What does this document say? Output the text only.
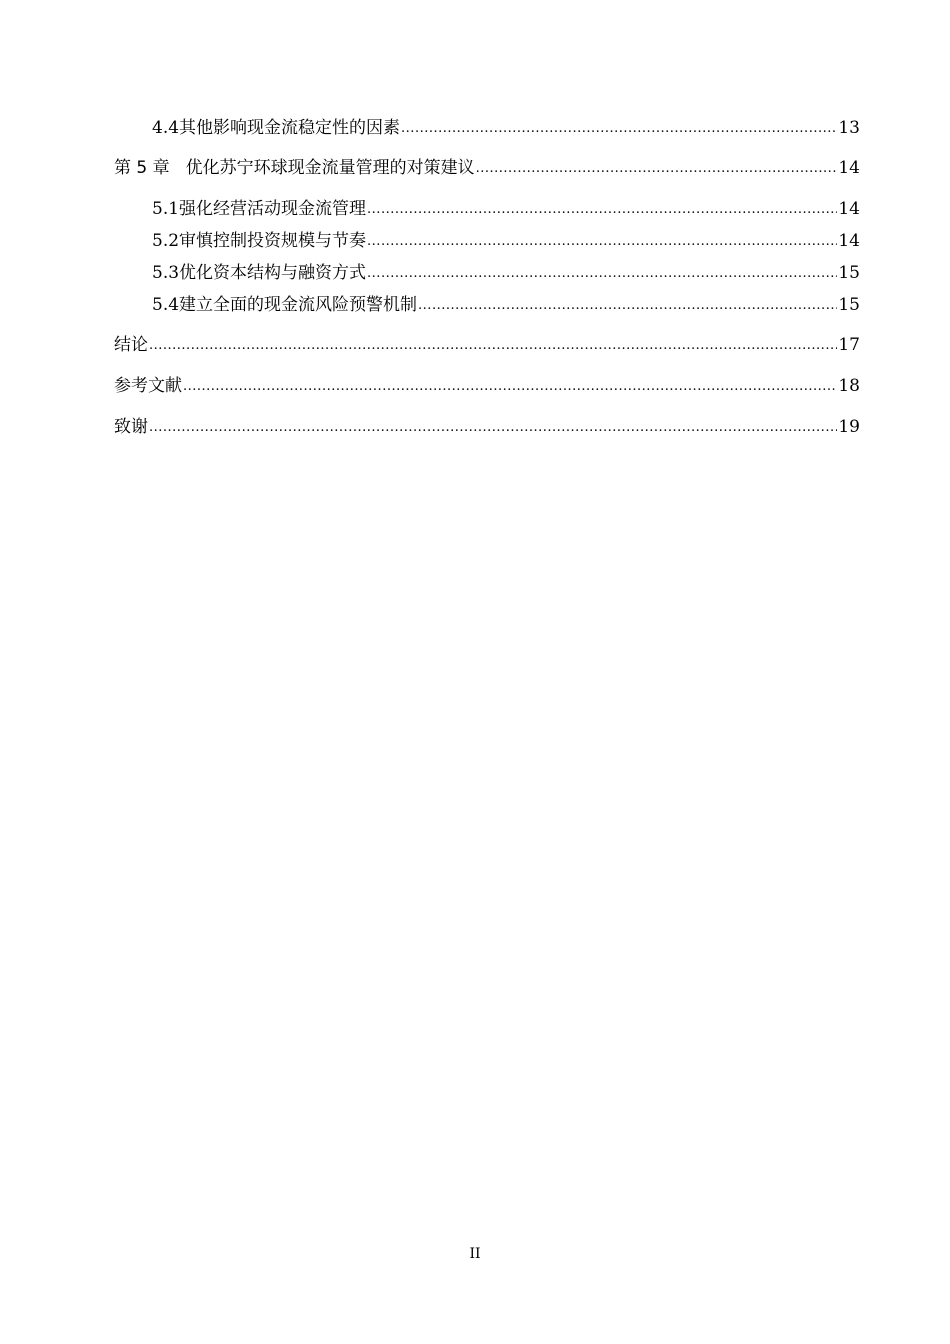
4.4 其他影响现金流稳定性的因素 .....	13
第 5 章 优化苏宁环球现金流量管理的对策建议 .....	14
5.1 强化经营活动现金流管理 .....	14
5.2 审慎控制投资规模与节奏 .....	14
5.3 优化资本结构与融资方式 .....	15
5.4 建立全面的现金流风险预警机制 .....	15
结论 .....	17
参考文献 .....	18
致谢 .....	19
II
